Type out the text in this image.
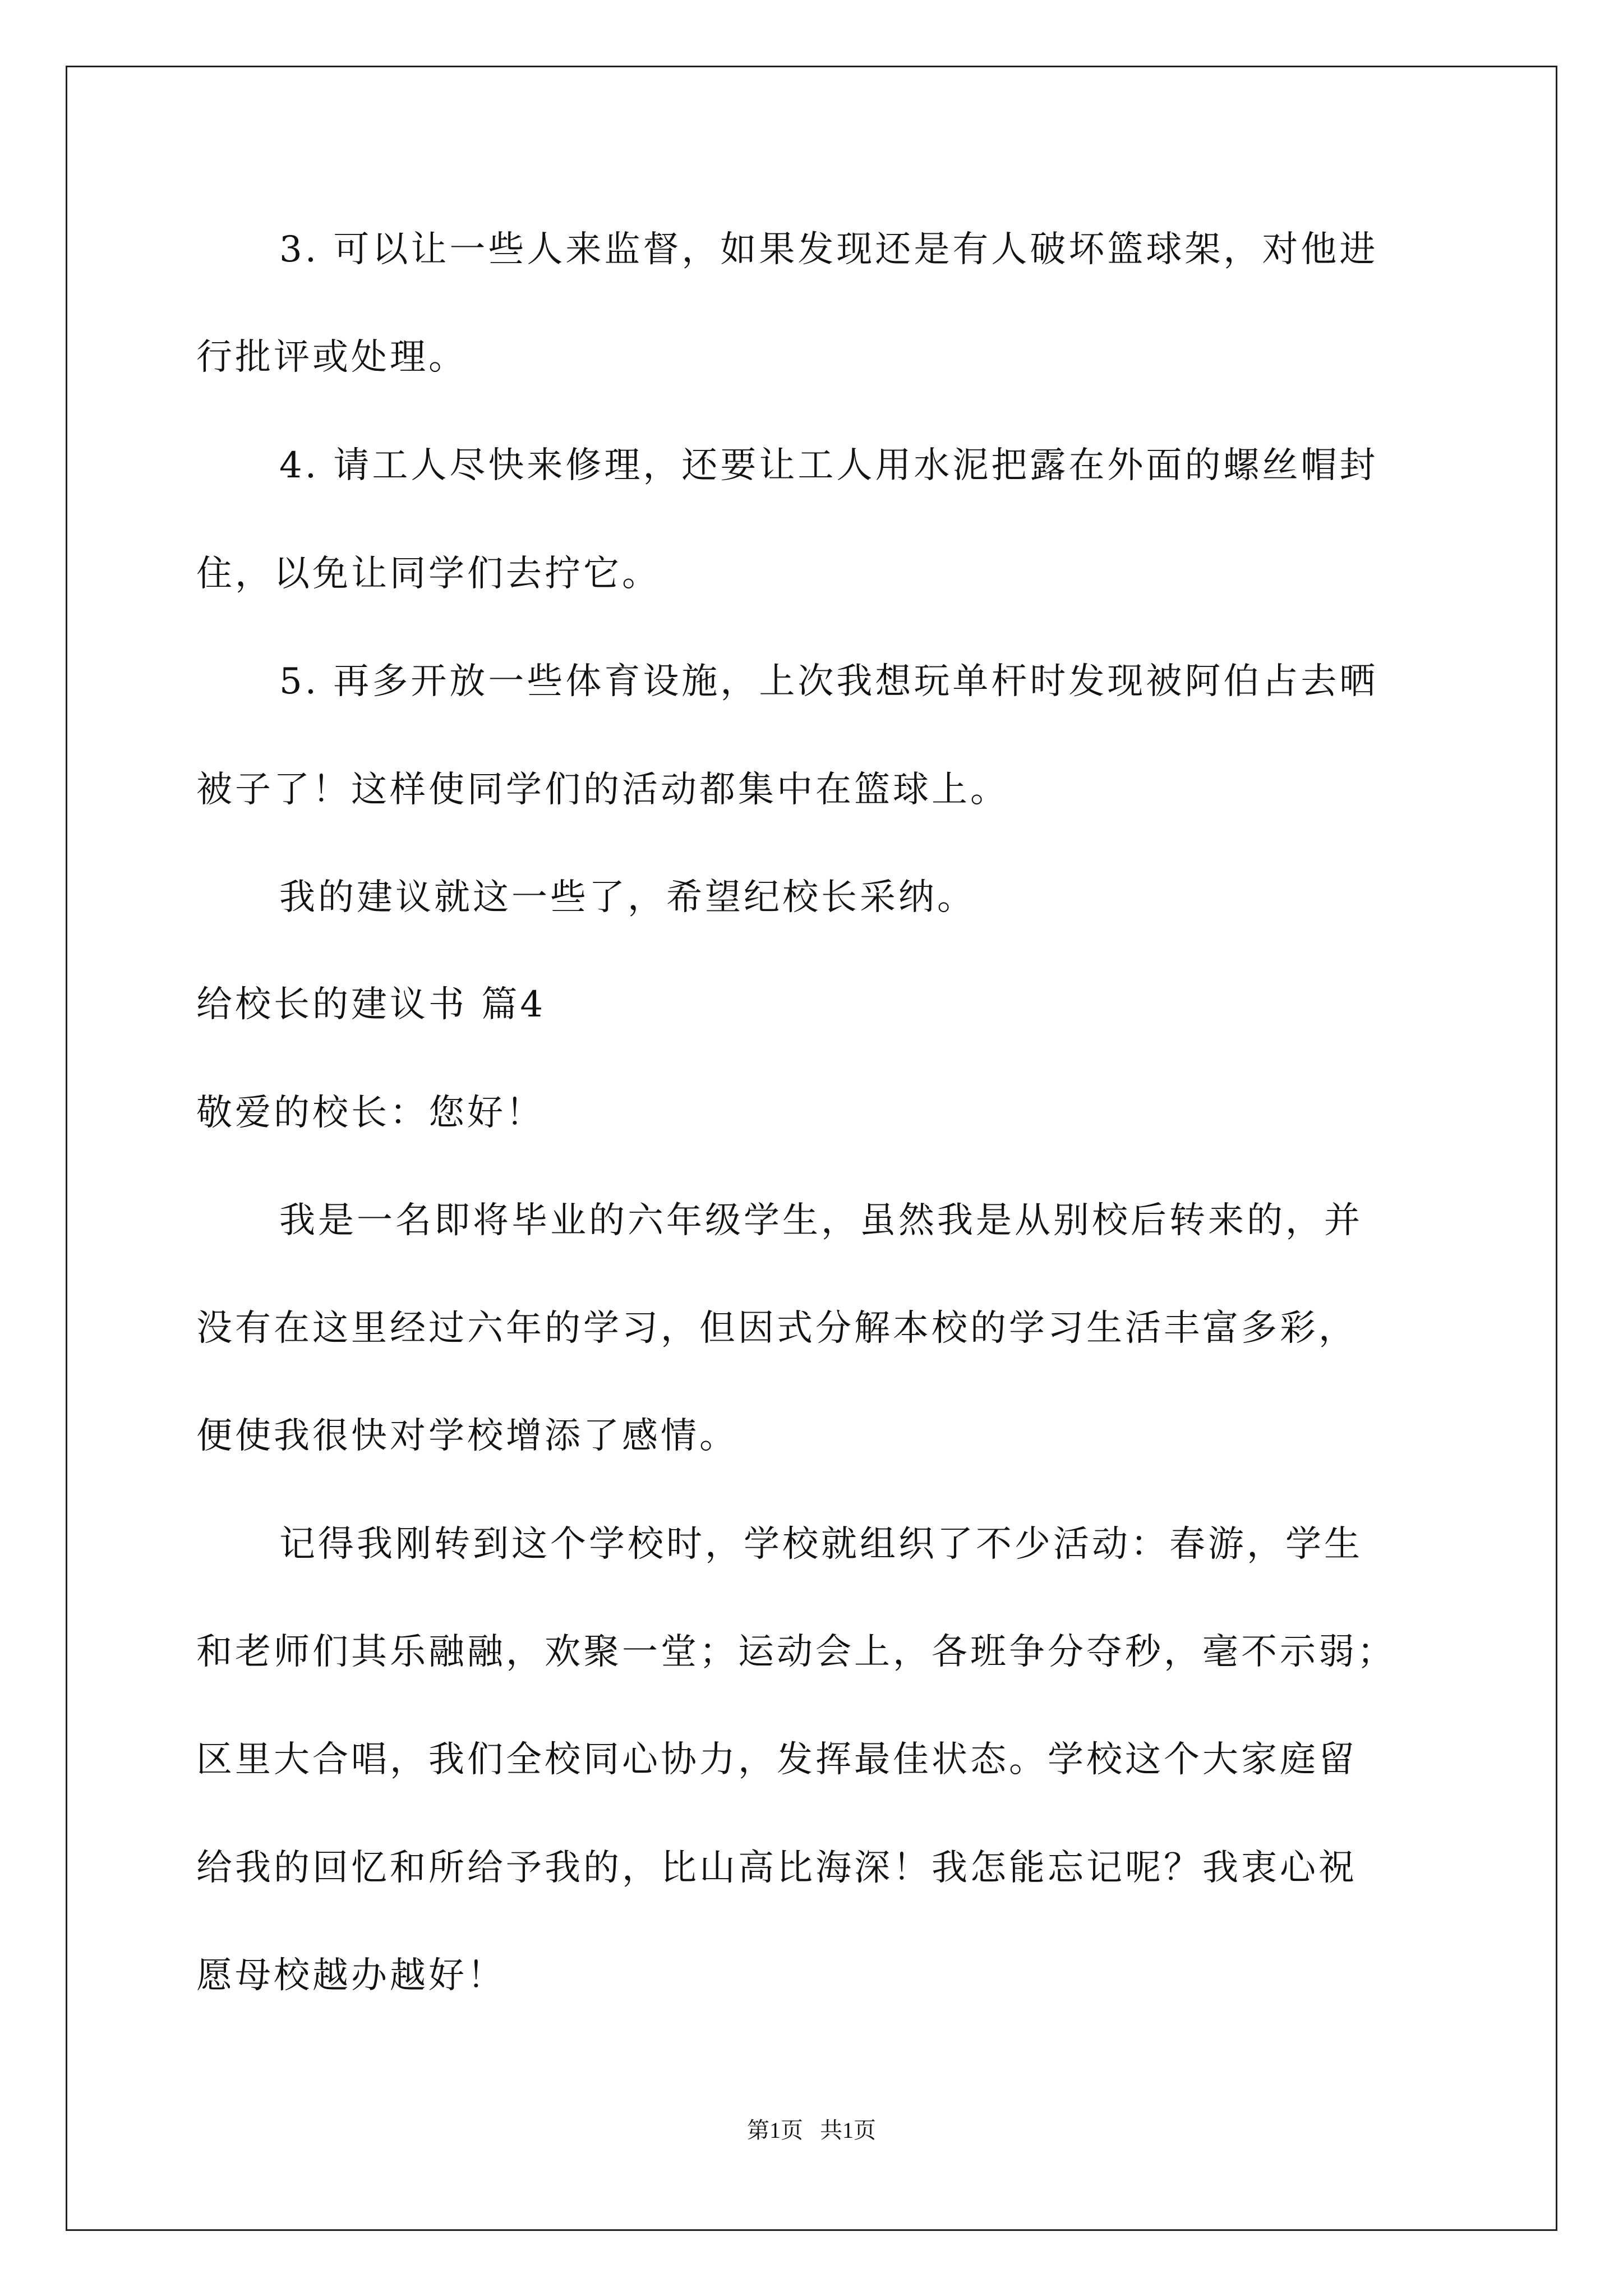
3. 可以让一些人来监督，如果发现还是有人破坏篮球架，对他进
行批评或处理。
4. 请工人尽快来修理，还要让工人用水泥把露在外面的螺丝帽封
住，以免让同学们去拧它。
5. 再多开放一些体育设施，上次我想玩单杆时发现被阿伯占去晒
被子了！这样使同学们的活动都集中在篮球上。
我的建议就这一些了，希望纪校长采纳。
给校长的建议书 篇4
敬爱的校长：您好！
我是一名即将毕业的六年级学生，虽然我是从别校后转来的，并
没有在这里经过六年的学习，但因式分解本校的学习生活丰富多彩，
便使我很快对学校增添了感情。
记得我刚转到这个学校时，学校就组织了不少活动：春游，学生
和老师们其乐融融，欢聚一堂；运动会上，各班争分夺秒，毫不示弱；
区里大合唱，我们全校同心协力，发挥最佳状态。学校这个大家庭留
给我的回忆和所给予我的，比山高比海深！我怎能忘记呢？我衷心祝
愿母校越办越好！
第1页   共1页
